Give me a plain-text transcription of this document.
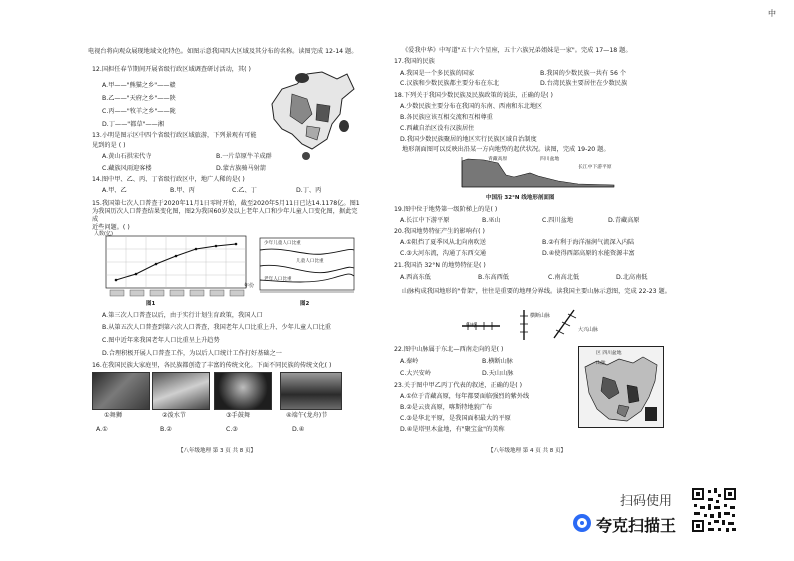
中
电视台将向观众展现地域文化特色。如图示意我国四大区域及其分布的名称。读图完成 12-14 题。
12.国担任春节期间开展省级行政区域调查研讨活动，其( )
A.甲——"熊猫之乡"——赣
B.乙——"天府之乡"——陕
C.丙——"牧羊之乡"——陇
D.丁——"都草"——湘
13.小明是图示区中四个省级行政区域旅游，下列景观有可能
见到的是 ( )
A.黄山石拱宋代寺	B.一片草原牛羊成群
C.藏族风雨迎客楼	D.蒙古族骑马射箭
14.图中甲、乙、丙、丁省级行政区中，地广人稀的是( )
A.甲、乙	B.甲、丙	C.乙、丁	D.丁、丙
15.我国第七次人口普查于2020年11月1日零时开始，截至2020年5月11日已达14.1178亿。图1为我国历次人口普查结果变化图，图2为我国60岁及以上老年人口和少年儿童人口变化图，据此完成
近些问题。( )
人数(亿)
年份
图1
少年儿童人口比重
儿童人口比重
老年人口比重
图2
A.第三次人口普查以后，由于实行计划生育政策，我国人口
B.从第五次人口普查到第六次人口普查，我国老年人口比重上升、少年儿童人口比重
C.图中近年来我国老年人口比重呈上升趋势
D.合理积极开展人口普查工作，为以后人口统计工作打好基础之一
16.在我国民族大家庭里，各民族都创造了丰富的传统文化。下面不同民族的传统文化( )
①舞狮	②泼水节	③手鼓舞	④端午(龙舟)节
A.①	B.②	C.③	D.④
【八年级地理 第 3 页 共 8 页】
《爱我中华》中写道"五十六个星座，五十六族兄弟姐妹是一家"。完成 17—18 题。
17.我国的民族
A.我国是一个多民族的国家	B.我国的少数民族一共有 56 个
C.汉族和少数民族都主要分布在东北	D.台湾民族主要居住在少数民族
18.下列关于我国少数民族及民族政策的说法，正确的是( )
A.少数民族主要分布在我国的东南、西南和东北地区
B.各民族应该互相交流和互相尊重
C.西藏自治区没有汉族居住
D.我国少数民族聚居的地区实行民族区域自治制度
地形剖面图可以反映出沿某一方向地势的起伏状况。读图，完成 19-20 题。
青藏高原	四川盆地
长江中下游平原
中国沿 32°N 线地形剖面图
19.图中位于地势第一级阶梯上的是( )
A.长江中下游平原	B.巫山	C.四川盆地	D.青藏高原
20.我国地势特征产生的影响有( )
A.①阻挡了夏季风从北向南吹送	B.②有利于海洋湿润气流深入内陆
C.③大河东流，沟通了东西交通	D.④使得西部高原的水能资源丰富
21.我国沿 32°N 的地势特征是( )
A.西高东低	B.东高西低	C.南高北低	D.北高南低
山脉构成我国地形的"骨架"，往往是重要的地理分界线。读我国主要山脉示意图，完成 22-23 题。
甲岭
横断山脉
大兴山脉
22.图中山脉属于东北—西南走向的是( )
A.秦岭	B.横断山脉
C.大兴安岭	D.天山山脉
23.关于图中甲乙丙丁代表的叙述，正确的是( )
A.①位于青藏高原，每年都要面临强烈的紫外线
B.②是云贵高原，喀斯特地貌广布
C.③是华北平原，是我国面积最大的平原
D.④是塔里木盆地，有"聚宝盆"的美称
区 四川盆地
山脉
【八年级地理 第 4 页 共 8 页】
扫码使用
夸克扫描王
